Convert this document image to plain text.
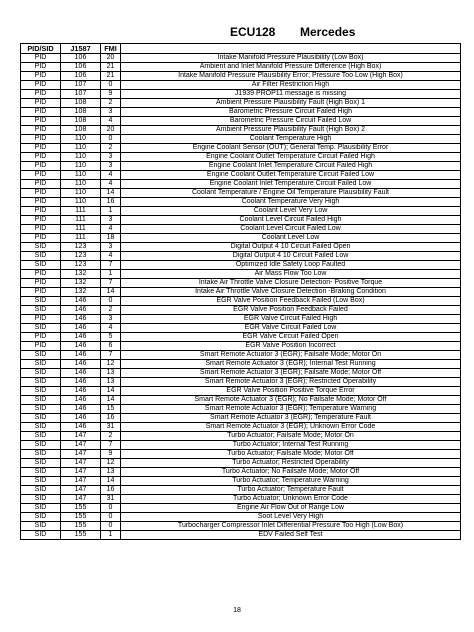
ECU128 Mercedes
PID/SID	J1587	FMI	
PID	106	20	Intake Manifold Pressure Plausibility (Low Box)
PID	106	21	Ambient and Inlet Manifold Pressure Difference (High Box)
PID	106	21	Intake Manifold Pressure Plausibility Error; Pressure Too Low (High Box)
PID	107	0	Air Filter Restriction High
PID	107	9	J1939 PROP11 message is missing
PID	108	2	Ambient Pressure Plausibility Fault (High Box) 1
PID	108	3	Barometric Pressure Circuit Failed High
PID	108	4	Barometric Pressure Circuit Failed Low
PID	108	20	Ambient Pressure Plausibility Fault (High Box) 2
PID	110	0	Coolant Temperature High
PID	110	2	Engine Coolant Sensor (OUT); General Temp. Plausibility Error
PID	110	3	Engine Coolant Outlet Temperature Circuit Failed High
PID	110	3	Engine Coolant Inlet Temperature Circuit Failed High
PID	110	4	Engine Coolant Outlet Temperature Circuit Failed Low
PID	110	4	Engine Coolant Inlet Temperature Circuit Failed Low
PID	110	14	Coolant Temperature / Engine Oil Temperature Plausibility Fault
PID	110	16	Coolant Temperature Very High
PID	111	1	Coolant Level Very Low
PID	111	3	Coolant Level Circuit Failed High
PID	111	4	Coolant Level Circuit Failed Low
PID	111	18	Coolant Level Low
SID	123	3	Digital Output 4 10 Circuit Failed Open
SID	123	4	Digital Output 4 10 Circuit Failed Low
SID	123	7	Optimized Idle Safety Loop Faulted
PID	132	1	Air Mass Flow Too Low
PID	132	7	Intake Air Throttle Valve Closure Detection- Positive Torque
PID	132	14	Intake Air Throttle Valve Closure Detection -Braking Condition
SID	146	0	EGR Valve Position Feedback Failed (Low Box)
SID	146	2	EGR Valve Position Feedback Failed
PID	146	3	EGR Valve Circuit Failed High
SID	146	4	EGR Valve Circuit Failed Low
PID	146	5	EGR Valve Circuit Failed Open
PID	146	6	EGR Valve Position Incorrect
SID	146	7	Smart Remote Actuator 3 (EGR); Failsafe Mode; Motor On
SID	146	12	Smart Remote Actuator 3 (EGR); Internal Test Running
SID	146	13	Smart Remote Actuator 3 (EGR); Failsafe Mode; Motor Off
SID	146	13	Smart Remote Actuator 3 (EGR); Restricted Operability
SID	146	14	EGR Valve Position Positive Torque Error
SID	146	14	Smart Remote Actuator 3 (EGR); No Failsafe Mode; Motor Off
SID	146	15	Smart Remote Actuator 3 (EGR); Temperature Warning
SID	146	16	Smart Remote Actuator 3 (EGR); Temperature Fault
SID	146	31	Smart Remote Actuator 3 (EGR); Unknown Error Code
SID	147	2	Turbo Actuator; Failsafe Mode; Motor On
SID	147	7	Turbo Actuator; Internal Test Running
SID	147	9	Turbo Actuator; Failsafe Mode; Motor Off
SID	147	12	Turbo Actuator; Restricted Operability
SID	147	13	Turbo Actuator; No Failsafe Mode; Motor Off
SID	147	14	Turbo Actuator; Temperature Warning
SID	147	16	Turbo Actuator; Temperature Fault
SID	147	31	Turbo Actuator; Unknown Error Code
SID	155	0	Engine Air Flow Out of Range Low
SID	155	0	Soot Level Very High
SID	155	0	Turbocharger Compressor Inlet Differential Pressure Too High (Low Box)
SID	155	1	EDV Failed Self Test
18
